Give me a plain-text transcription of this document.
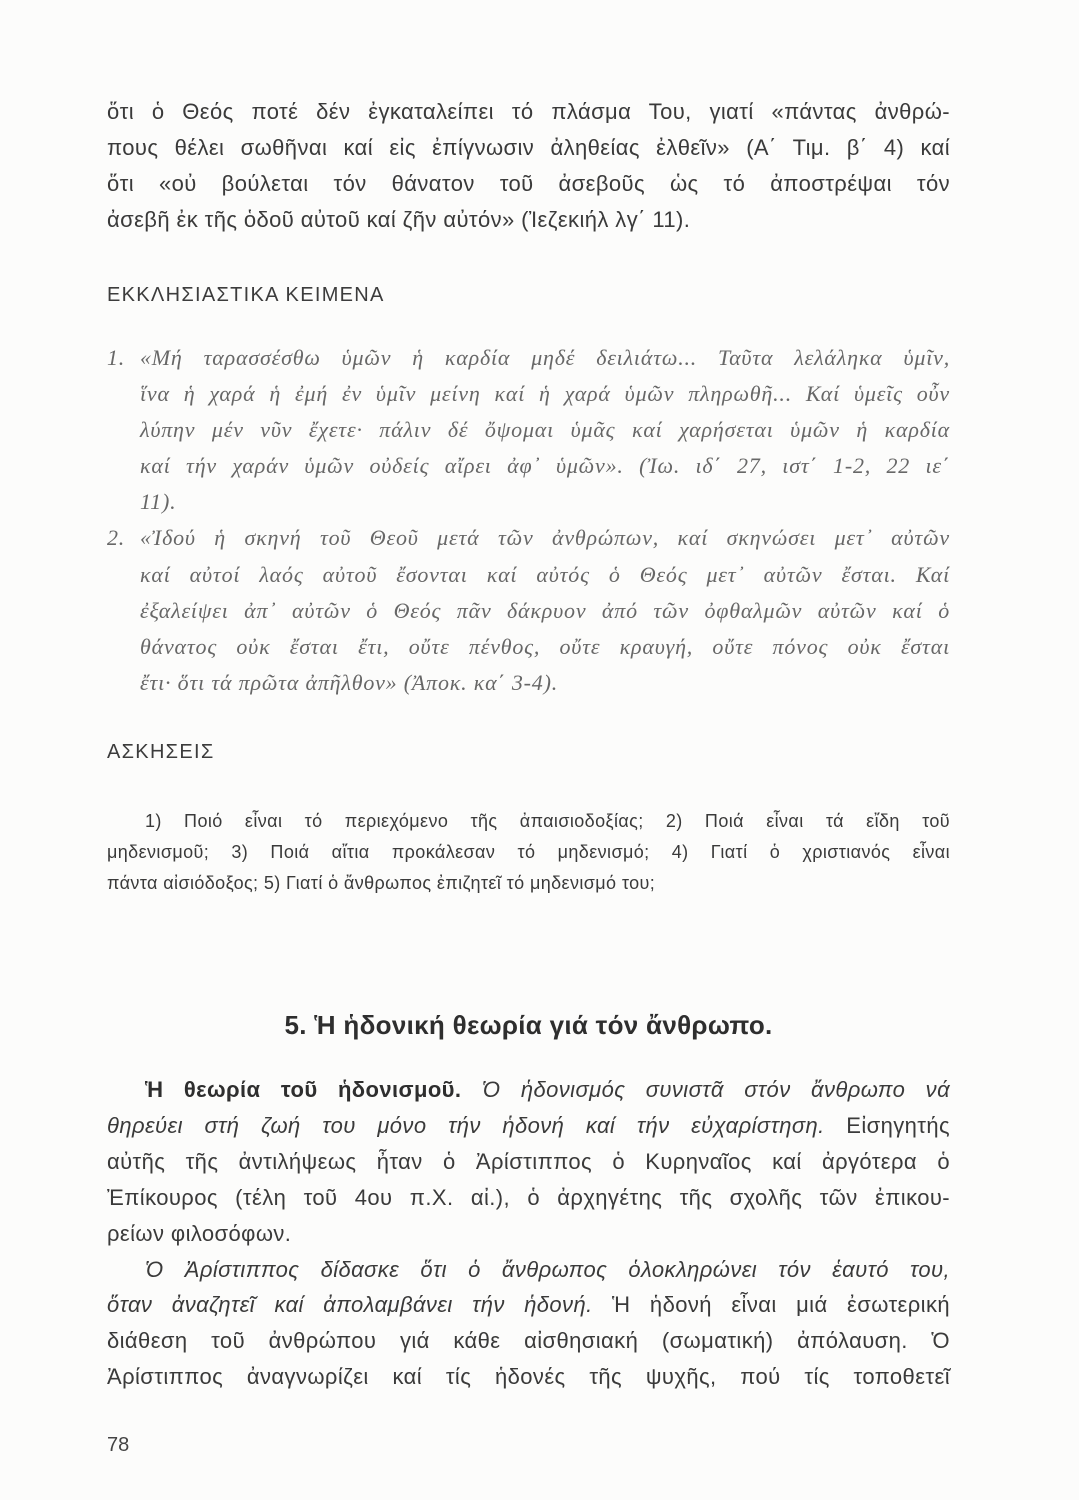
ὅτι ὁ Θεός ποτέ δέν ἐγκαταλείπει τό πλάσμα Του, γιατί «πάντας ἀνθρώ-
πους θέλει σωθῆναι καί εἰς ἐπίγνωσιν ἀληθείας ἐλθεῖν» (Α΄ Τιμ. β΄ 4) καί
ὅτι «οὐ βούλεται τόν θάνατον τοῦ ἀσεβοῦς ὡς τό ἀποστρέψαι τόν
ἀσεβῆ ἐκ τῆς ὁδοῦ αὐτοῦ καί ζῆν αὐτόν» (Ἰεζεκιήλ λγ΄ 11).
ΕΚΚΛΗΣΙΑΣΤΙΚΑ ΚΕΙΜΕΝΑ
1. «Μή ταρασσέσθω ὑμῶν ἡ καρδία μηδέ δειλιάτω... Ταῦτα λελάληκα ὑμῖν,
ἵνα ἡ χαρά ἡ ἐμή ἐν ὑμῖν μείνη καί ἡ χαρά ὑμῶν πληρωθῆ... Καί ὑμεῖς οὖν
λύπην μέν νῦν ἔχετε· πάλιν δέ ὄψομαι ὑμᾶς καί χαρήσεται ὑμῶν ἡ καρδία
καί τήν χαράν ὑμῶν οὐδείς αἴρει ἀφ᾽ ὑμῶν». (Ἰω. ιδ΄ 27, ιστ΄ 1-2, 22 ιε΄
11).
2. «Ἰδού ἡ σκηνή τοῦ Θεοῦ μετά τῶν ἀνθρώπων, καί σκηνώσει μετ᾽ αὐτῶν
καί αὐτοί λαός αὐτοῦ ἔσονται καί αὐτός ὁ Θεός μετ᾽ αὐτῶν ἔσται. Καί
ἐξαλείψει ἀπ᾽ αὐτῶν ὁ Θεός πᾶν δάκρυον ἀπό τῶν ὀφθαλμῶν αὐτῶν καί ὁ
θάνατος οὐκ ἔσται ἔτι, οὔτε πένθος, οὔτε κραυγή, οὔτε πόνος οὐκ ἔσται
ἔτι· ὅτι τά πρῶτα ἀπῆλθον» (Ἀποκ. κα΄ 3-4).
ΑΣΚΗΣΕΙΣ
1) Ποιό εἶναι τό περιεχόμενο τῆς ἀπαισιοδοξίας; 2) Ποιά εἶναι τά εἴδη τοῦ
μηδενισμοῦ; 3) Ποιά αἴτια προκάλεσαν τό μηδενισμό; 4) Γιατί ὁ χριστιανός εἶναι
πάντα αἰσιόδοξος; 5) Γιατί ὁ ἄνθρωπος ἐπιζητεῖ τό μηδενισμό του;
5. Ἡ ἡδονική θεωρία γιά τόν ἄνθρωπο.
Ἡ θεωρία τοῦ ἡδονισμοῦ. Ὁ ἡδονισμός συνιστᾶ στόν ἄνθρωπο νά
θηρεύει στή ζωή του μόνο τήν ἡδονή καί τήν εὐχαρίστηση. Εἰσηγητής
αὐτῆς τῆς ἀντιλήψεως ἦταν ὁ Ἀρίστιππος ὁ Κυρηναῖος καί ἀργότερα ὁ
Ἐπίκουρος (τέλη τοῦ 4ου π.Χ. αἰ.), ὁ ἀρχηγέτης τῆς σχολῆς τῶν ἐπικου-
ρείων φιλοσόφων.
Ὁ Ἀρίστιππος δίδασκε ὅτι ὁ ἄνθρωπος ὁλοκληρώνει τόν ἑαυτό του,
ὅταν ἀναζητεῖ καί ἀπολαμβάνει τήν ἡδονή. Ἡ ἡδονή εἶναι μιά ἐσωτερική
διάθεση τοῦ ἀνθρώπου γιά κάθε αἰσθησιακή (σωματική) ἀπόλαυση. Ὁ
Ἀρίστιππος ἀναγνωρίζει καί τίς ἡδονές τῆς ψυχῆς, πού τίς τοποθετεῖ
78
